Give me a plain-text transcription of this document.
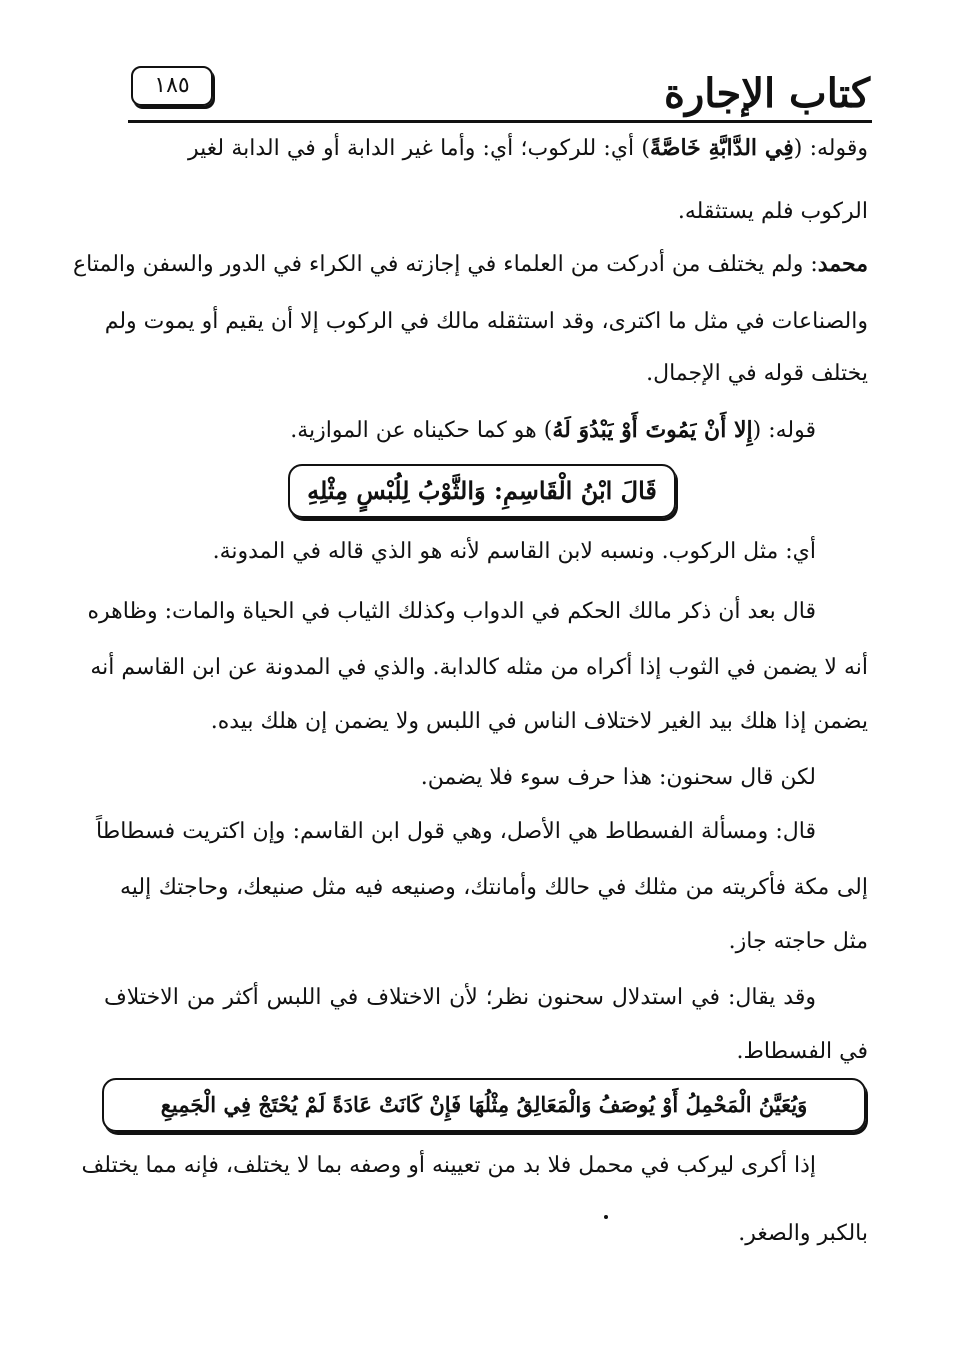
كتاب الإجارة
١٨٥
وقوله: (فِي الدَّابَّةِ خَاصَّةً) أي: للركوب؛ أي: وأما غير الدابة أو في الدابة لغير
الركوب فلم يستثقله.
محمد: ولم يختلف من أدركت من العلماء في إجازته في الكراء في الدور والسفن والمتاع
والصناعات في مثل ما اكترى، وقد استثقله مالك في الركوب إلا أن يقيم أو يموت ولم
يختلف قوله في الإجمال.
قوله: (إِلا أَنْ يَمُوتَ أَوْ يَبْدُوَ لَهُ) هو كما حكيناه عن الموازية.
قَالَ ابْنُ الْقَاسِمِ: وَالثَّوْبُ لِلُبْسٍ مِثْلِهِ
أي: مثل الركوب. ونسبه لابن القاسم لأنه هو الذي قاله في المدونة.
قال بعد أن ذكر مالك الحكم في الدواب وكذلك الثياب في الحياة والمات: وظاهره
أنه لا يضمن في الثوب إذا أكراه من مثله كالدابة. والذي في المدونة عن ابن القاسم أنه
يضمن إذا هلك بيد الغير لاختلاف الناس في اللبس ولا يضمن إن هلك بيده.
لكن قال سحنون: هذا حرف سوء فلا يضمن.
قال: ومسألة الفسطاط هي الأصل، وهي قول ابن القاسم: وإن اكتريت فسطاطاً
إلى مكة فأكريته من مثلك في حالك وأمانتك، وصنيعه فيه مثل صنيعك، وحاجتك إليه
مثل حاجته جاز.
وقد يقال: في استدلال سحنون نظر؛ لأن الاختلاف في اللبس أكثر من الاختلاف
في الفسطاط.
وَيُعَيَّنُ الْمَحْمِلُ أَوْ يُوصَفُ وَالْمَعَالِقُ مِثْلُهَا فَإِنْ كَانَتْ عَادَةً لَمْ يُحْتَجْ فِي الْجَمِيعِ
إذا أكرى ليركب في محمل فلا بد من تعيينه أو وصفه بما لا يختلف، فإنه مما يختلف
بالكبر والصغر.
